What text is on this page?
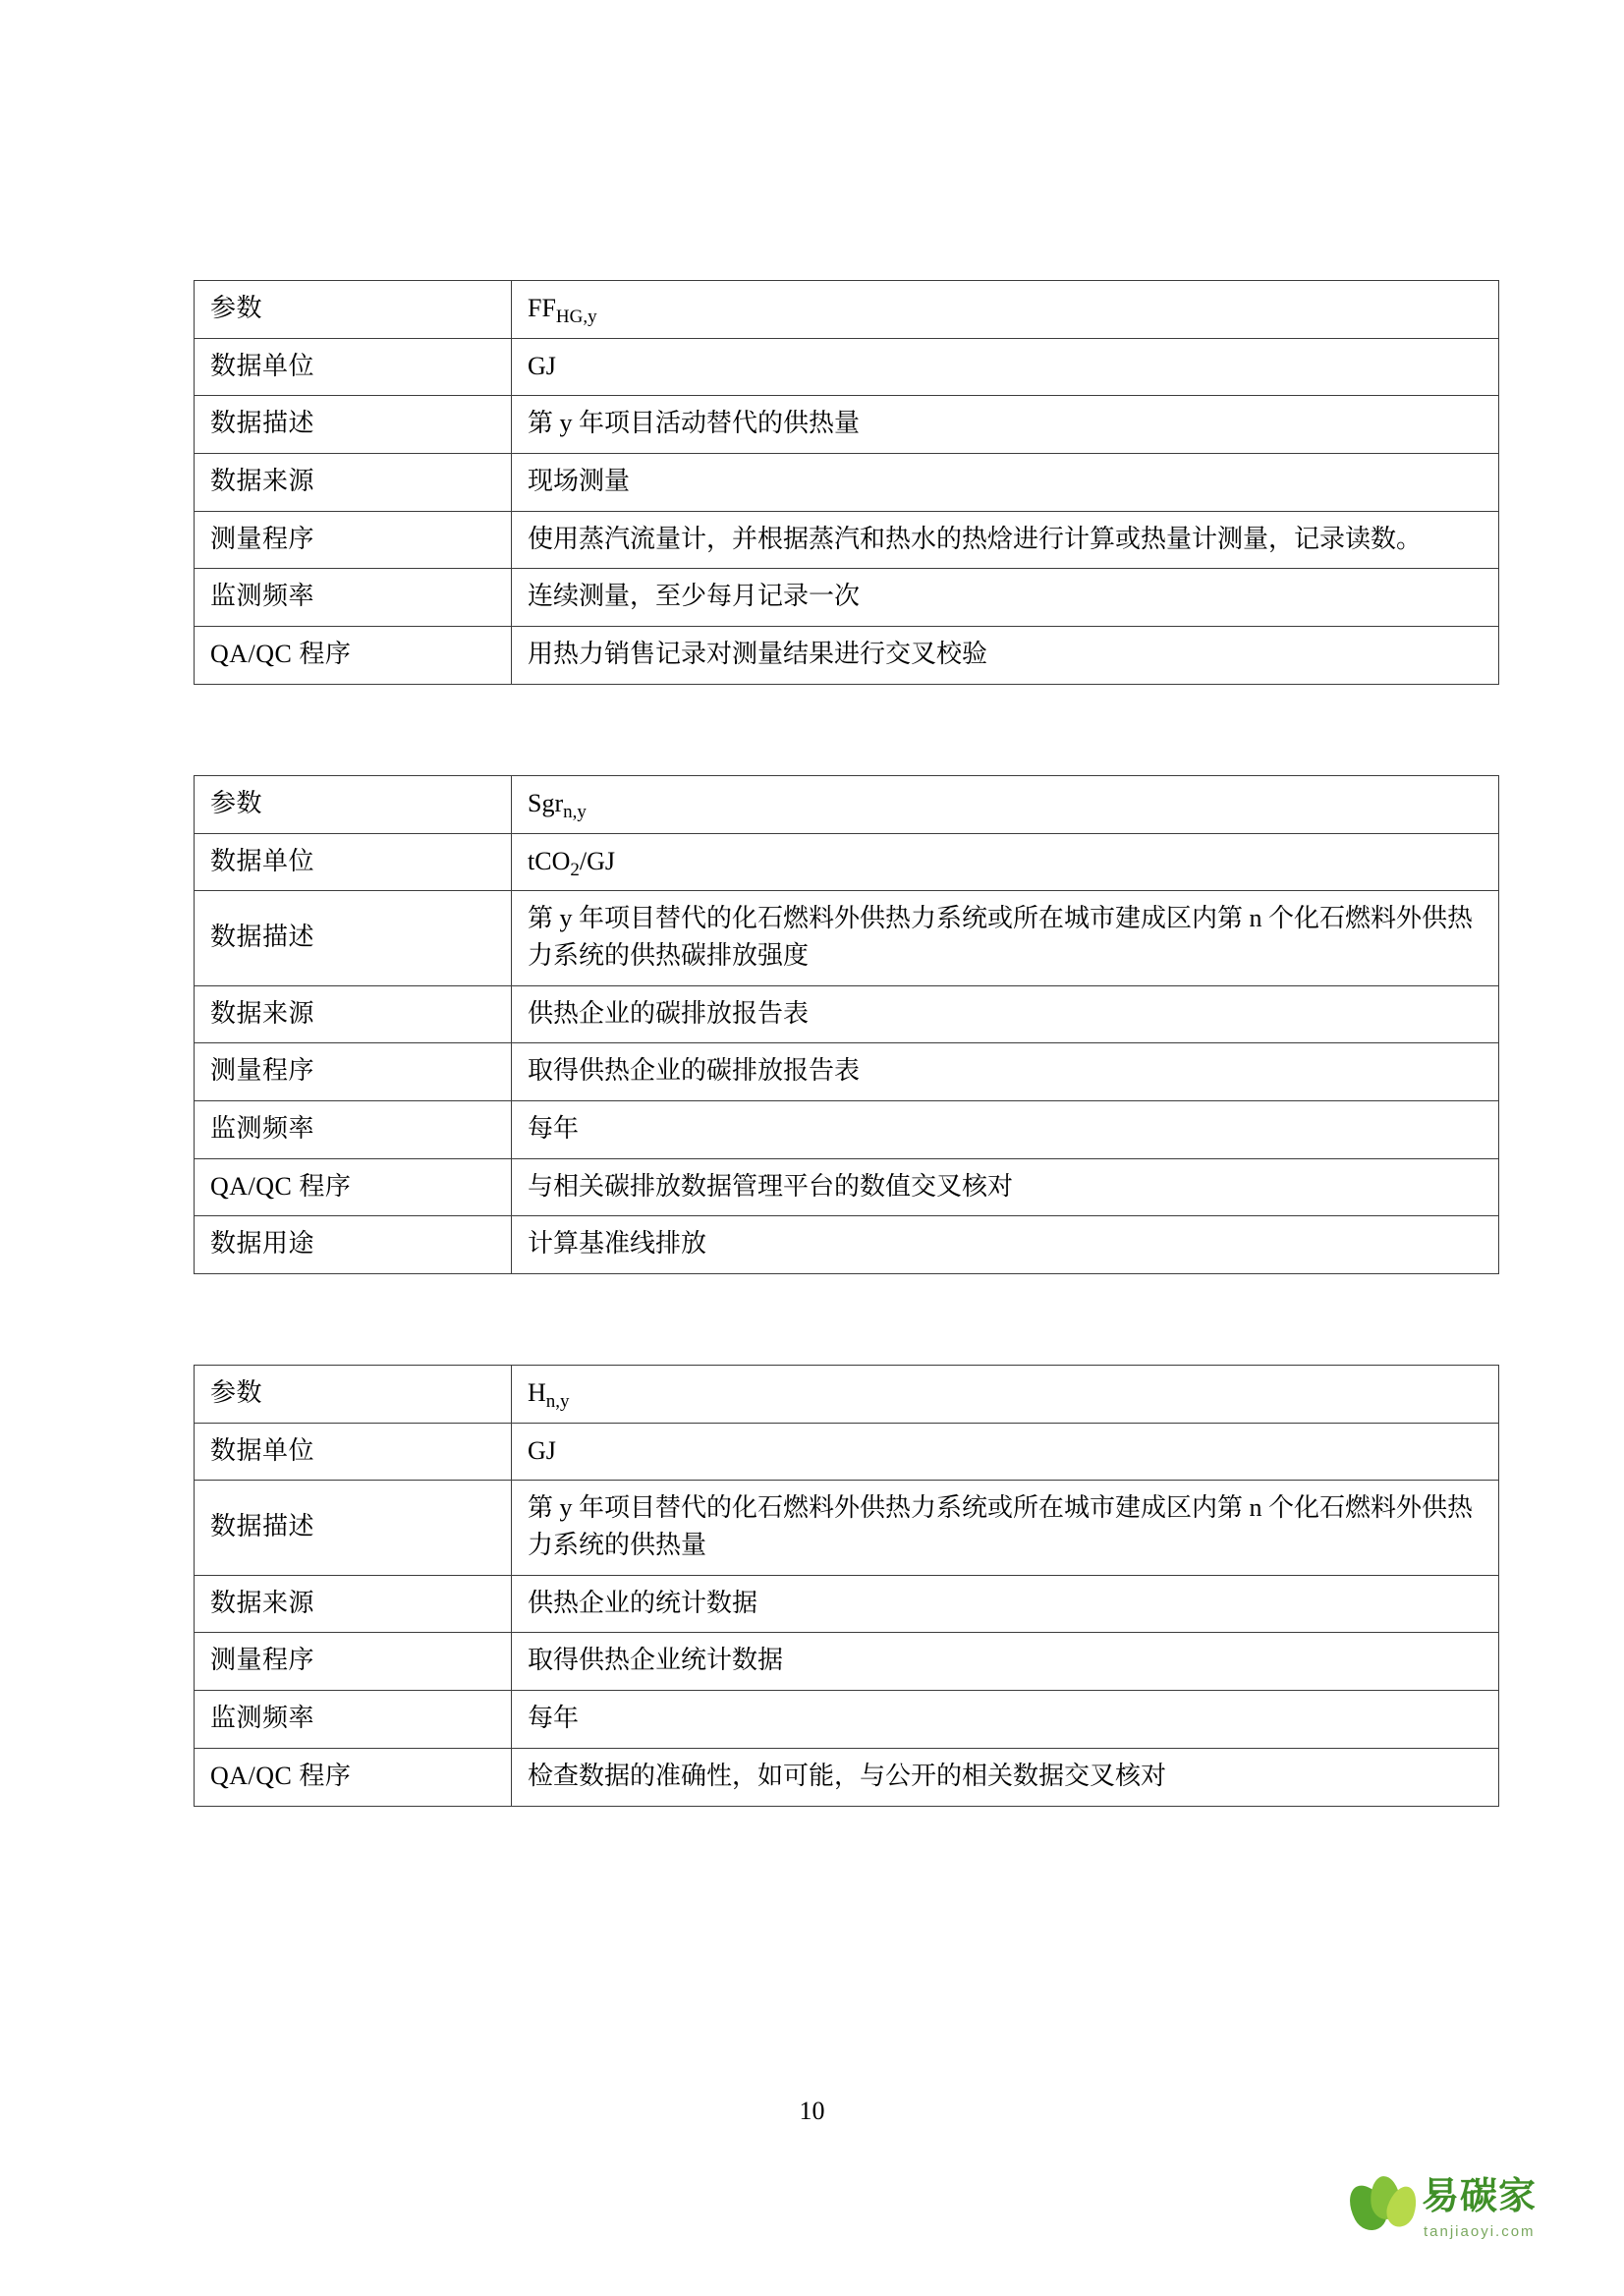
参数	$FF_{HG,y}$
数据单位	GJ
数据描述	第 y 年项目活动替代的供热量
数据来源	现场测量
测量程序	使用蒸汽流量计，并根据蒸汽和热水的热焓进行计算或热量计测量，记录读数。
监测频率	连续测量，至少每月记录一次
QA/QC 程序	用热力销售记录对测量结果进行交叉校验
参数	Sgr$_{n,y}$
数据单位	tCO$_2$/GJ
数据描述	第 y 年项目替代的化石燃料外供热力系统或所在城市建成区内第 n 个化石燃料外供热力系统的供热碳排放强度
数据来源	供热企业的碳排放报告表
测量程序	取得供热企业的碳排放报告表
监测频率	每年
QA/QC 程序	与相关碳排放数据管理平台的数值交叉核对
数据用途	计算基准线排放
参数	$H_{n,y}$
数据单位	GJ
数据描述	第 y 年项目替代的化石燃料外供热力系统或所在城市建成区内第 n 个化石燃料外供热力系统的供热量
数据来源	供热企业的统计数据
测量程序	取得供热企业统计数据
监测频率	每年
QA/QC 程序	检查数据的准确性，如可能，与公开的相关数据交叉核对
10
易碳家
tanjiaoyi.com
